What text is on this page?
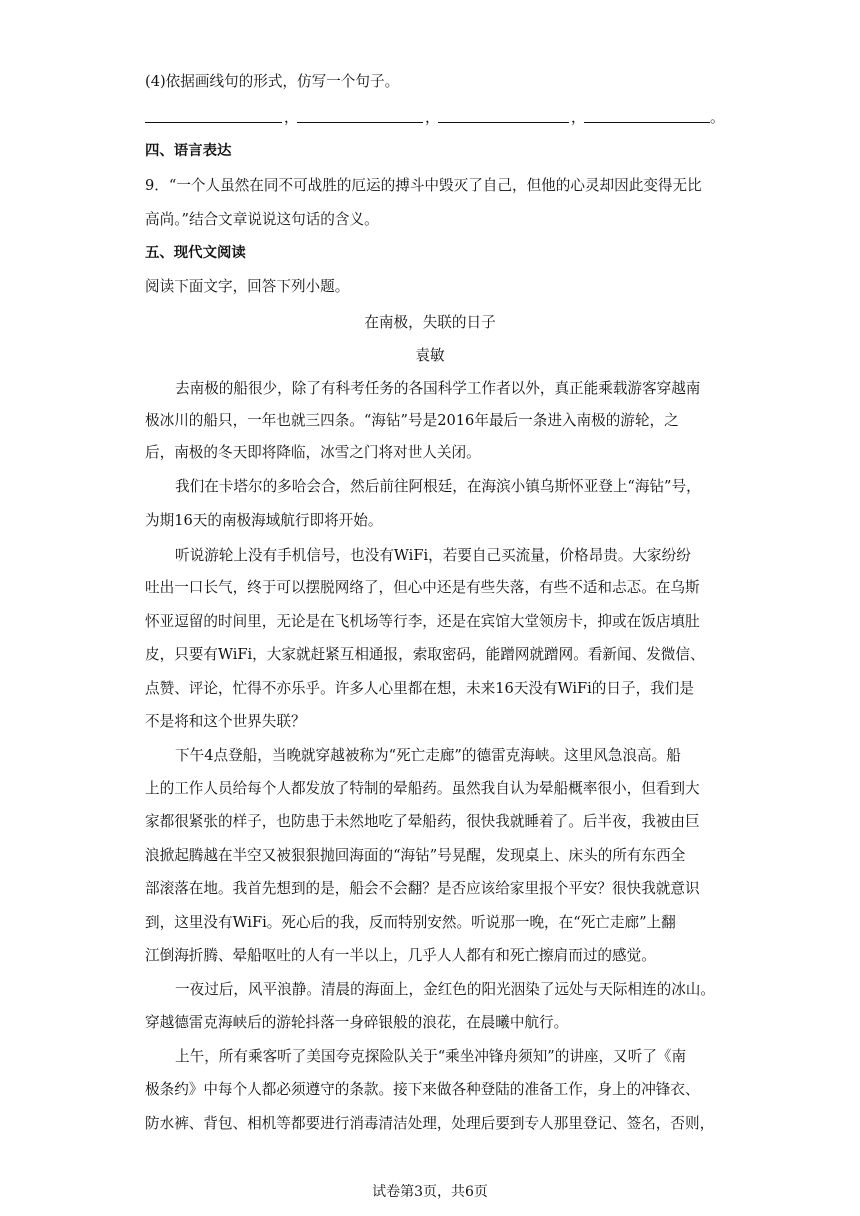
(4)依据画线句的形式，仿写一个句子。
，	，	，	。
四、语言表达
9．“一个人虽然在同不可战胜的厄运的搏斗中毁灭了自己，但他的心灵却因此变得无比
高尚。”结合文章说说这句话的含义。
五、现代文阅读
阅读下面文字，回答下列小题。
在南极，失联的日子
袁敏
去南极的船很少，除了有科考任务的各国科学工作者以外，真正能乘载游客穿越南
极冰川的船只，一年也就三四条。“海钻”号是2016年最后一条进入南极的游轮，之
后，南极的冬天即将降临，冰雪之门将对世人关闭。
我们在卡塔尔的多哈会合，然后前往阿根廷，在海滨小镇乌斯怀亚登上“海钻”号，
为期16天的南极海域航行即将开始。
听说游轮上没有手机信号，也没有WiFi，若要自己买流量，价格昂贵。大家纷纷
吐出一口长气，终于可以摆脱网络了，但心中还是有些失落，有些不适和忐忑。在乌斯
怀亚逗留的时间里，无论是在飞机场等行李，还是在宾馆大堂领房卡，抑或在饭店填肚
皮，只要有WiFi，大家就赶紧互相通报，索取密码，能蹭网就蹭网。看新闻、发微信、
点赞、评论，忙得不亦乐乎。许多人心里都在想，未来16天没有WiFi的日子，我们是
不是将和这个世界失联？
下午4点登船，当晚就穿越被称为“死亡走廊”的德雷克海峡。这里风急浪高。船
上的工作人员给每个人都发放了特制的晕船药。虽然我自认为晕船概率很小，但看到大
家都很紧张的样子，也防患于未然地吃了晕船药，很快我就睡着了。后半夜，我被由巨
浪掀起腾越在半空又被狠狠抛回海面的“海钻”号晃醒，发现桌上、床头的所有东西全
部滚落在地。我首先想到的是，船会不会翻？是否应该给家里报个平安？很快我就意识
到，这里没有WiFi。死心后的我，反而特别安然。听说那一晚，在“死亡走廊”上翻
江倒海折腾、晕船呕吐的人有一半以上，几乎人人都有和死亡擦肩而过的感觉。
一夜过后，风平浪静。清晨的海面上，金红色的阳光洇染了远处与天际相连的冰山。
穿越德雷克海峡后的游轮抖落一身碎银般的浪花，在晨曦中航行。
上午，所有乘客听了美国夸克探险队关于“乘坐冲锋舟须知”的讲座，又听了《南
极条约》中每个人都必须遵守的条款。接下来做各种登陆的准备工作，身上的冲锋衣、
防水裤、背包、相机等都要进行消毒清洁处理，处理后要到专人那里登记、签名，否则，
试卷第3页，共6页
